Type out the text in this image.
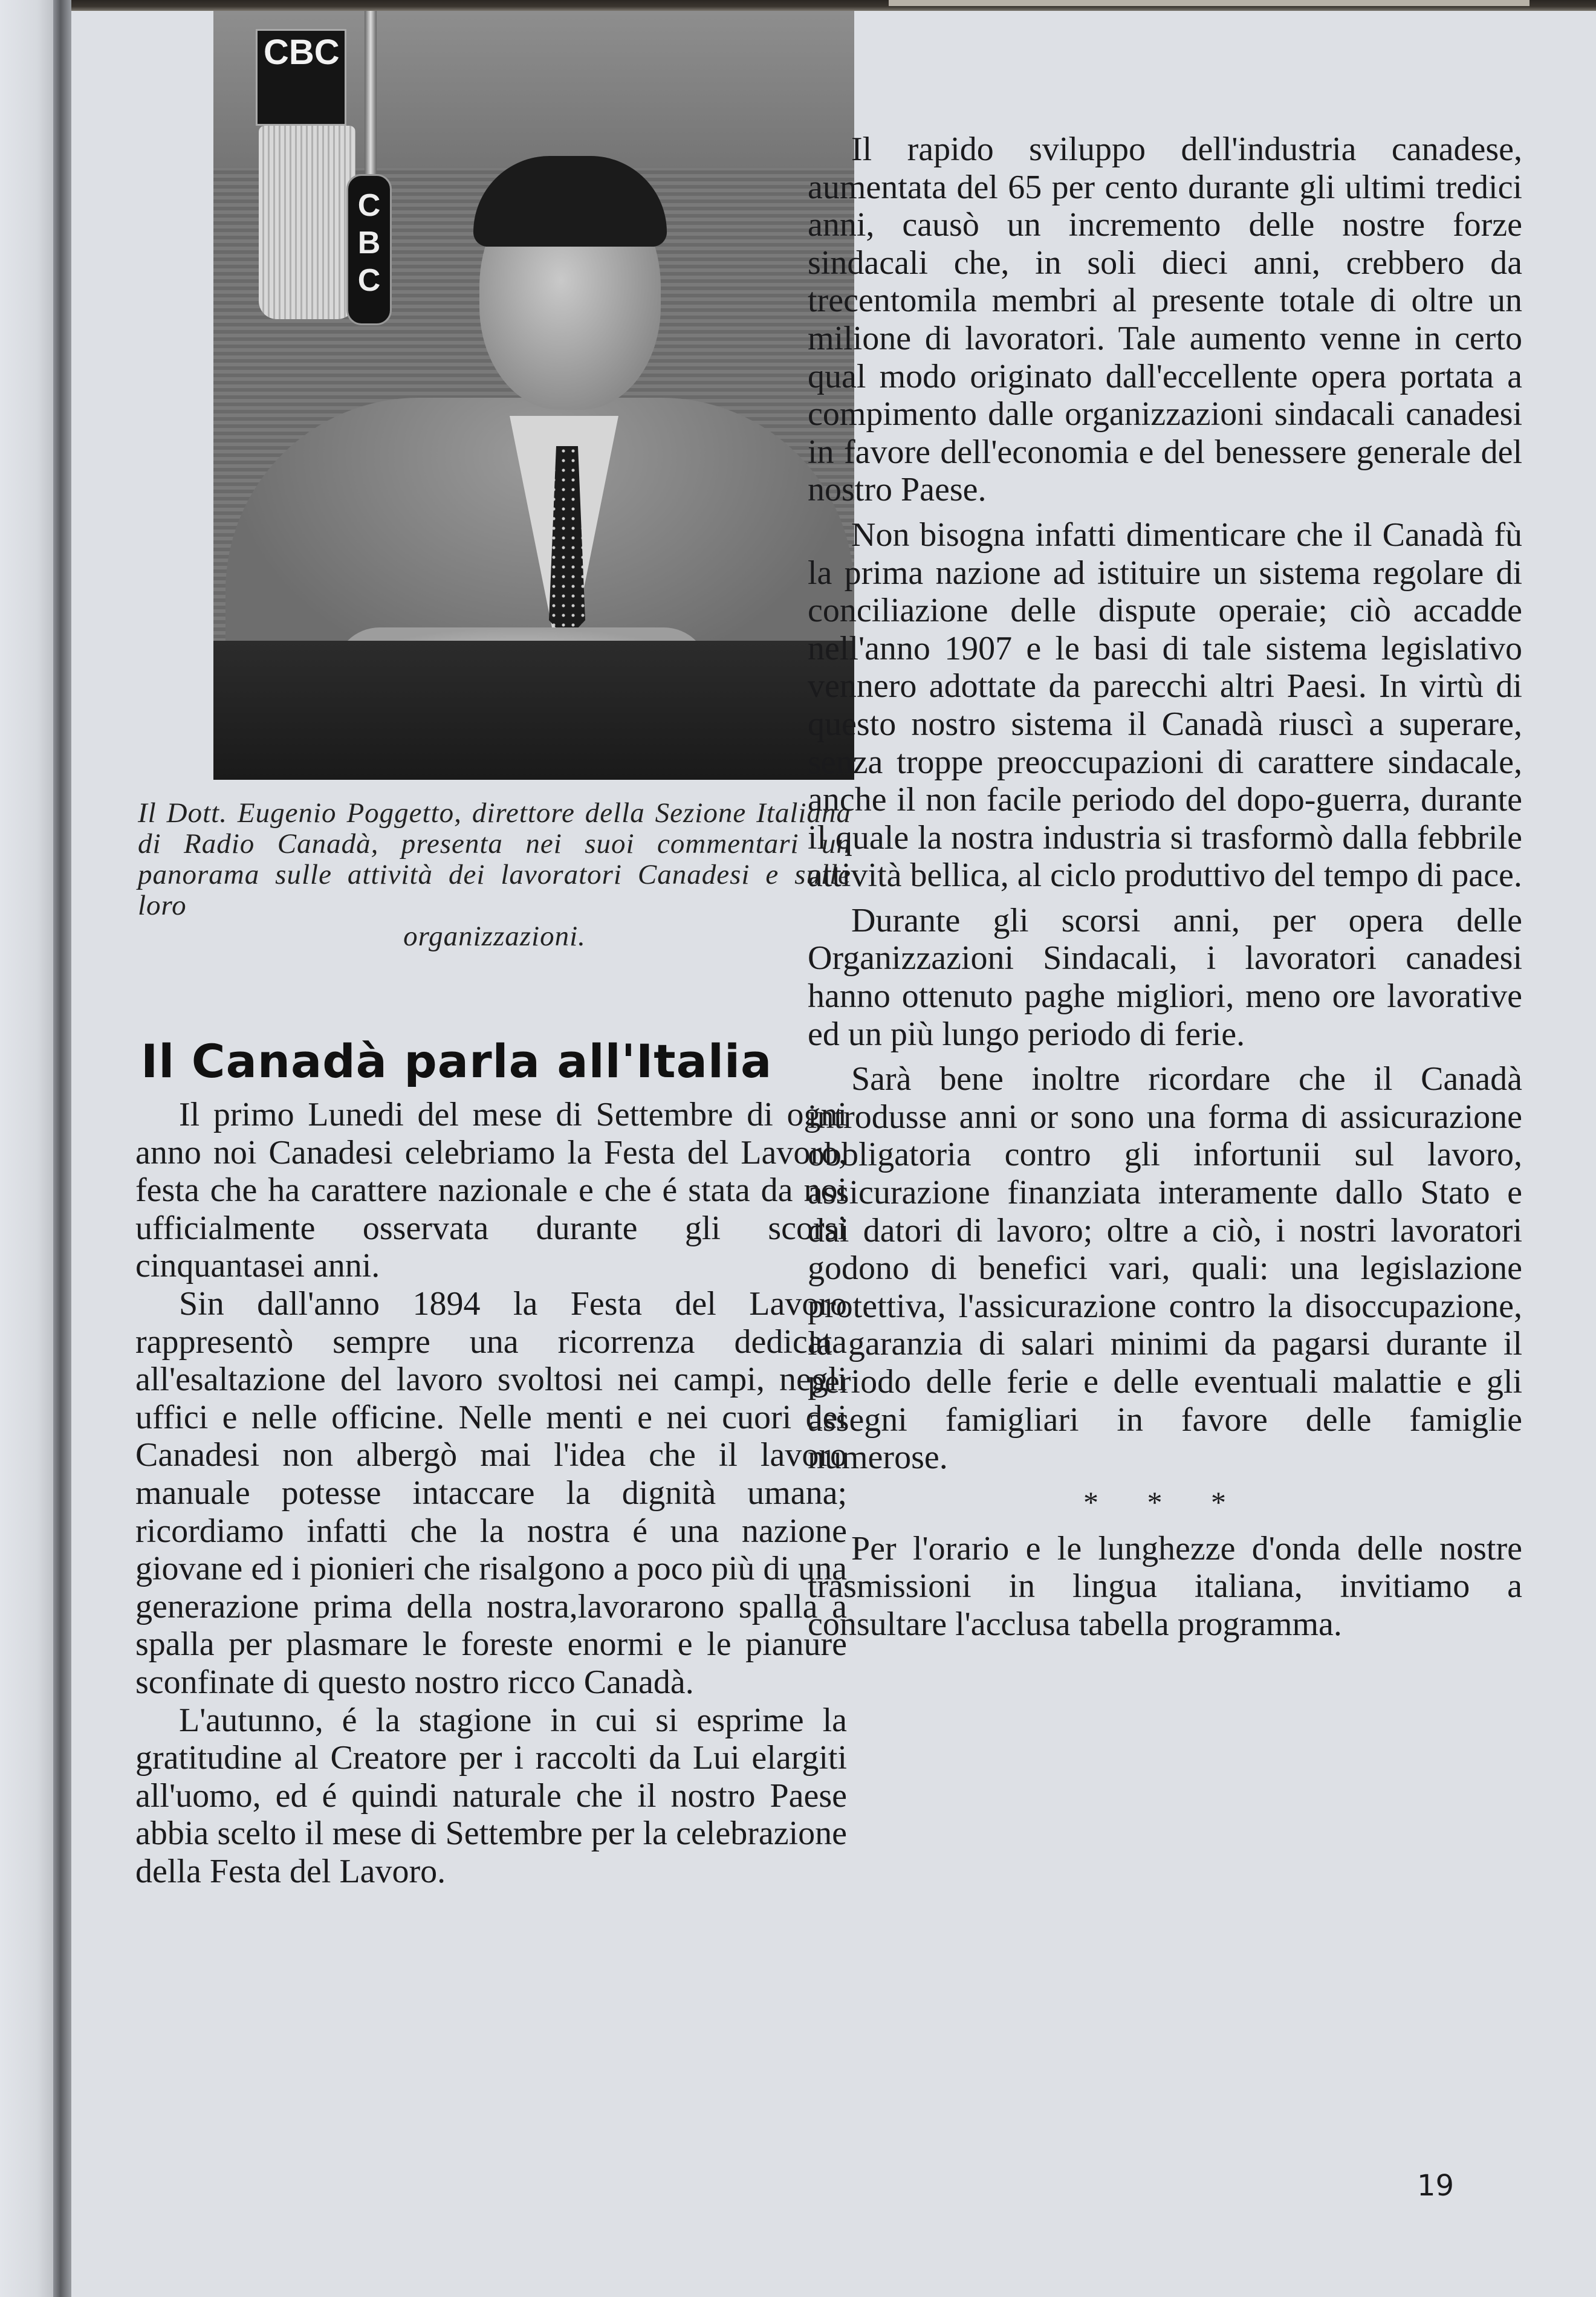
CBC
CBC
Il Dott. Eugenio Poggetto, direttore della Sezione Italiana di Radio Canadà, presenta nei suoi commentari un panorama sulle attività dei lavoratori Canadesi e sulle loro
organizzazioni.
Il Canadà parla all'Italia

Il primo Lunedi del mese di Settembre di ogni anno noi Canadesi celebriamo la Festa del Lavoro, festa che ha carattere nazionale e che é stata da noi ufficialmente osservata durante gli scorsi cinquantasei anni.

Sin dall'anno 1894 la Festa del Lavoro rappresentò sempre una ricorrenza dedicata all'esaltazione del lavoro svoltosi nei campi, negli uffici e nelle officine. Nelle menti e nei cuori dei Canadesi non albergò mai l'idea che il lavoro manuale potesse intaccare la dignità umana; ricordiamo infatti che la nostra é una nazione giovane ed i pionieri che risalgono a poco più di una generazione prima della nostra,lavorarono spalla a spalla per plasmare le foreste enormi e le pianure sconfinate di questo nostro ricco Canadà.

L'autunno, é la stagione in cui si esprime la gratitudine al Creatore per i raccolti da Lui elargiti all'uomo, ed é quindi naturale che il nostro Paese abbia scelto il mese di Settembre per la celebrazione della Festa del Lavoro.

Il rapido sviluppo dell'industria canadese, aumentata del 65 per cento durante gli ultimi tredici anni, causò un incremento delle nostre forze sindacali che, in soli dieci anni, crebbero da trecentomila membri al presente totale di oltre un milione di lavoratori. Tale aumento venne in certo qual modo originato dall'eccellente opera portata a compimento dalle organizzazioni sindacali canadesi in favore dell'economia e del benessere generale del nostro Paese.

Non bisogna infatti dimenticare che il Canadà fù la prima nazione ad istituire un sistema regolare di conciliazione delle dispute operaie; ciò accadde nell'anno 1907 e le basi di tale sistema legislativo vennero adottate da parecchi altri Paesi. In virtù di questo nostro sistema il Canadà riuscì a superare, senza troppe preoccupazioni di carattere sindacale, anche il non facile periodo del dopo-guerra, durante il quale la nostra industria si trasformò dalla febbrile attività bellica, al ciclo produttivo del tempo di pace.

Durante gli scorsi anni, per opera delle Organizzazioni Sindacali, i lavoratori canadesi hanno ottenuto paghe migliori, meno ore lavorative ed un più lungo periodo di ferie.

Sarà bene inoltre ricordare che il Canadà introdusse anni or sono una forma di assicurazione obbligatoria contro gli infortunii sul lavoro, assicurazione finanziata interamente dallo Stato e dai datori di lavoro; oltre a ciò, i nostri lavoratori godono di benefici vari, quali: una legislazione protettiva, l'assicurazione contro la disoccupazione, la garanzia di salari minimi da pagarsi durante il periodo delle ferie e delle eventuali malattie e gli assegni famigliari in favore delle famiglie numerose.

* * *

Per l'orario e le lunghezze d'onda delle nostre trasmissioni in lingua italiana, invitiamo a consultare l'acclusa tabella programma.

19
